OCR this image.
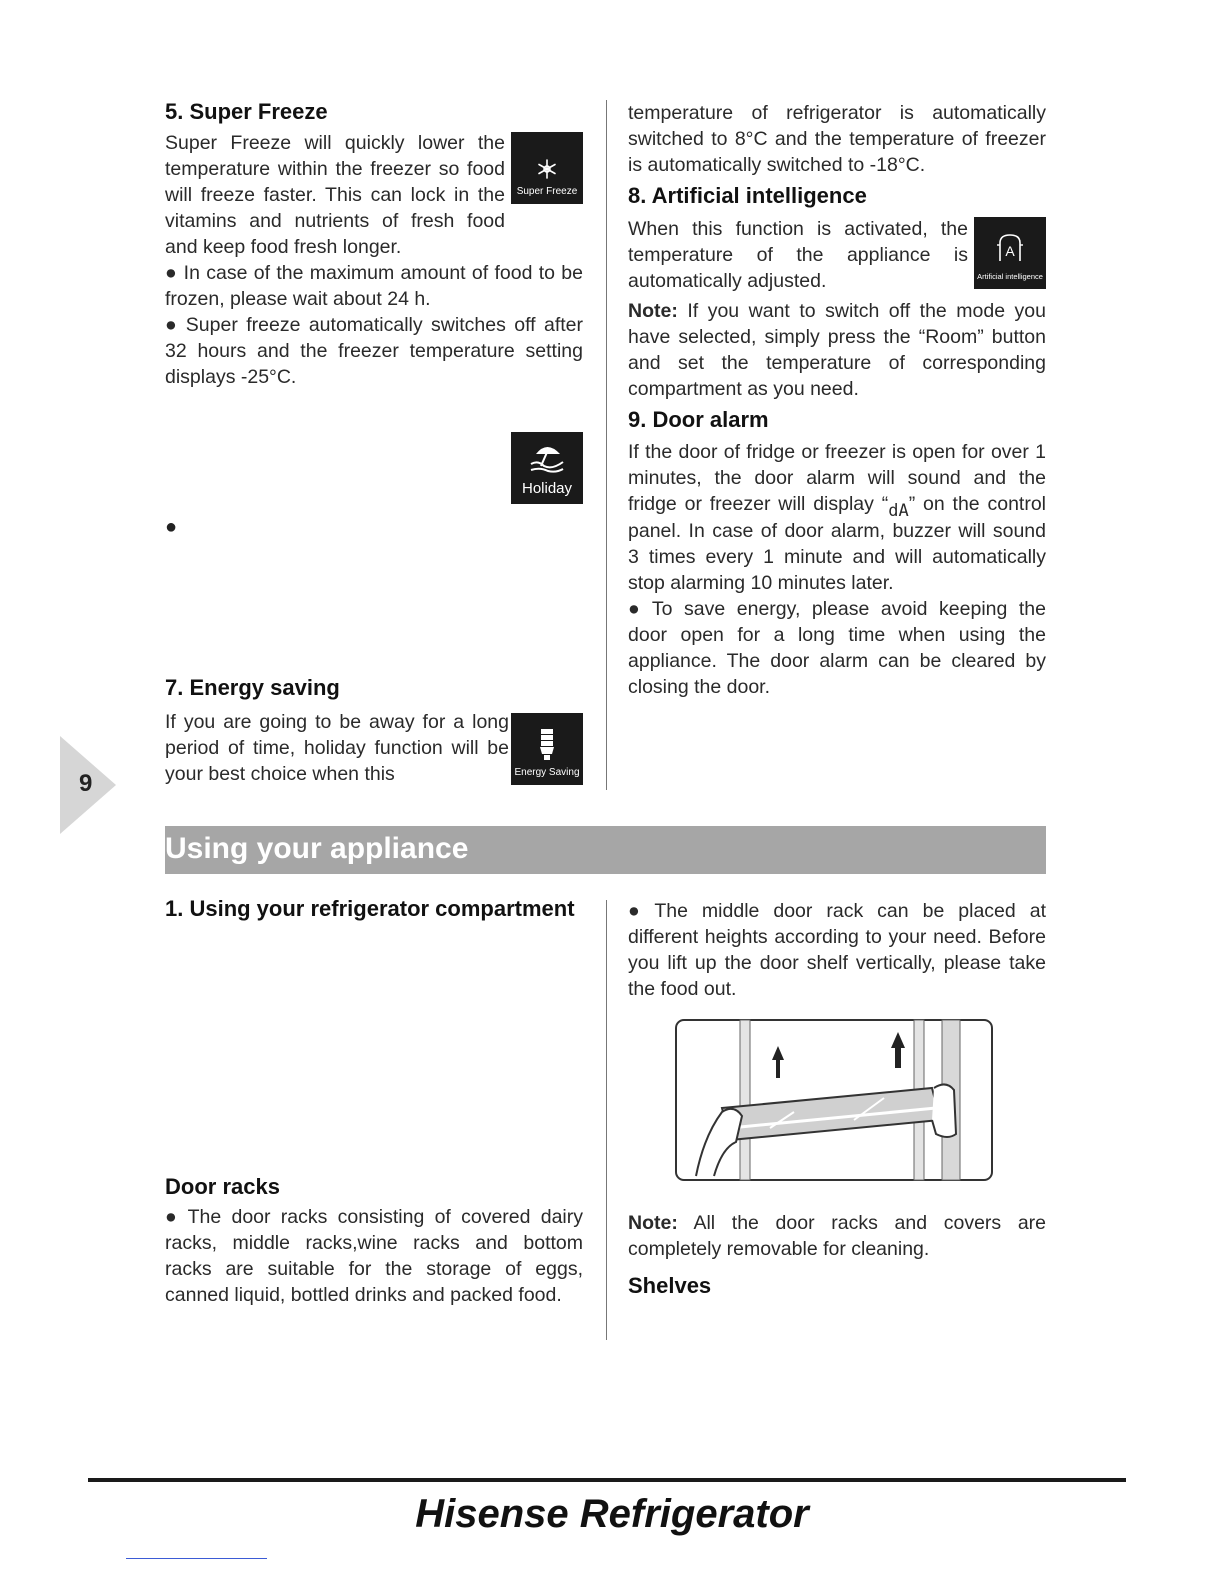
5. Super Freeze

Super Freeze will quickly lower the temperature within the freezer so food will freeze faster. This can lock in the vitamins and nutrients of fresh food and keep food fresh longer.

● In case of the maximum amount of food to be frozen, please wait about 24 h.

● Super freeze automatically switches off after 32 hours and the freezer temperature setting displays -25°C.

Super Freeze
Holiday
●
7. Energy saving

If you are going to be away for a long period of time, holiday function will be your best choice when this	Energy Saving

temperature of refrigerator is automatically switched to 8°C and the temperature of freezer is automatically switched to -18°C.

8. Artificial intelligence

When this function is activated, the temperature of the appliance is automatically adjusted.

A
Artificial intelligence

Note: If you want to switch off the mode you have selected, simply press the “Room” button and set the temperature of corresponding compartment as you need.

9. Door alarm

If the door of fridge or freezer is open for over 1 minutes, the door alarm will sound and the fridge or freezer will display “dA” on the control panel. In case of door alarm, buzzer will sound 3 times every 1 minute and will automatically stop alarming 10 minutes later.

● To save energy, please avoid keeping the door open for a long time when using the appliance. The door alarm can be cleared by closing the door.

9
Using your appliance
1. Using your refrigerator compartment
Door racks

● The door racks consisting of covered dairy racks, middle racks,wine racks and bottom racks are suitable for the storage of eggs, canned liquid, bottled drinks and packed food.

● The middle door rack can be placed at different heights according to your need. Before you lift up the door shelf vertically, please take the food out.

Note: All the door racks and covers are completely removable for cleaning.

Shelves
Hisense Refrigerator
